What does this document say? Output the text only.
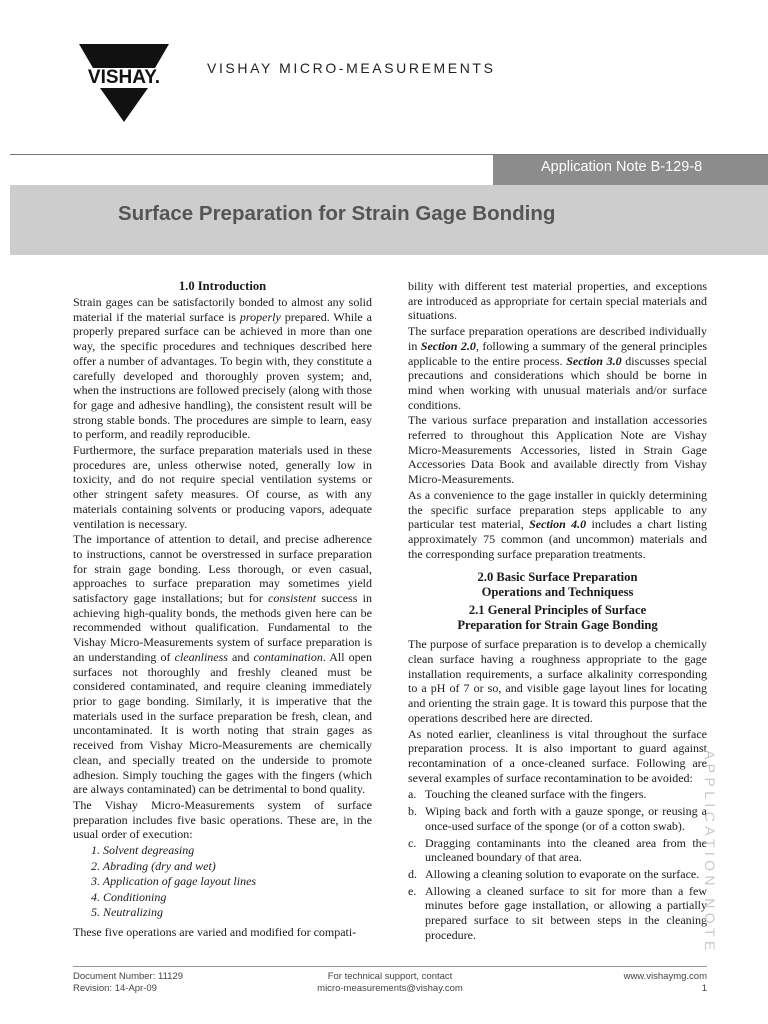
VISHAY.	VISHAY MICRO-MEASUREMENTS
Application Note B-129-8
Surface Preparation for Strain Gage Bonding
1.0 Introduction

Strain gages can be satisfactorily bonded to almost any solid material if the material surface is properly prepared. While a properly prepared surface can be achieved in more than one way, the specific procedures and techniques described here offer a number of advantages. To begin with, they constitute a carefully developed and thoroughly proven system; and, when the instructions are followed precisely (along with those for gage and adhesive handling), the consistent result will be strong stable bonds. The procedures are simple to learn, easy to perform, and readily reproducible.

Furthermore, the surface preparation materials used in these procedures are, unless otherwise noted, generally low in toxicity, and do not require special ventilation systems or other stringent safety measures. Of course, as with any materials containing solvents or producing vapors, adequate ventilation is necessary.

The importance of attention to detail, and precise adherence to instructions, cannot be overstressed in surface preparation for strain gage bonding. Less thorough, or even casual, approaches to surface preparation may sometimes yield satisfactory gage installations; but for consistent success in achieving high-quality bonds, the methods given here can be recommended without qualification. Fundamental to the Vishay Micro-Measurements system of surface preparation is an understanding of cleanliness and contamination. All open surfaces not thoroughly and freshly cleaned must be considered contaminated, and require cleaning immediately prior to gage bonding. Similarly, it is imperative that the materials used in the surface preparation be fresh, clean, and uncontaminated. It is worth noting that strain gages as received from Vishay Micro-Measurements are chemically clean, and specially treated on the underside to promote adhesion. Simply touching the gages with the fingers (which are always contaminated) can be detrimental to bond quality.

The Vishay Micro-Measurements system of surface preparation includes five basic operations. These are, in the usual order of execution:

1. Solvent degreasing
2. Abrading (dry and wet)
3. Application of gage layout lines
4. Conditioning
5. Neutralizing

These five operations are varied and modified for compati-

bility with different test material properties, and exceptions are introduced as appropriate for certain special materials and situations.

The surface preparation operations are described individually in Section 2.0, following a summary of the general principles applicable to the entire process. Section 3.0 discusses special precautions and considerations which should be borne in mind when working with unusual materials and/or surface conditions.

The various surface preparation and installation accessories referred to throughout this Application Note are Vishay Micro-Measurements Accessories, listed in Strain Gage Accessories Data Book and available directly from Vishay Micro-Measurements.

As a convenience to the gage installer in quickly determining the specific surface preparation steps applicable to any particular test material, Section 4.0 includes a chart listing approximately 75 common (and uncommon) materials and the corresponding surface preparation treatments.

2.0 Basic Surface Preparation
Operations and Techniquess
2.1 General Principles of Surface
Preparation for Strain Gage Bonding

The purpose of surface preparation is to develop a chemically clean surface having a roughness appropriate to the gage installation requirements, a surface alkalinity corresponding to a pH of 7 or so, and visible gage layout lines for locating and orienting the strain gage. It is toward this purpose that the operations described here are directed.

As noted earlier, cleanliness is vital throughout the surface preparation process. It is also important to guard against recontamination of a once-cleaned surface. Following are several examples of surface recontamination to be avoided:

a. Touching the cleaned surface with the fingers.
b. Wiping back and forth with a gauze sponge, or reusing a once-used surface of the sponge (or of a cotton swab).
c. Dragging contaminants into the cleaned area from the uncleaned boundary of that area.
d. Allowing a cleaning solution to evaporate on the surface.
e. Allowing a cleaned surface to sit for more than a few minutes before gage installation, or allowing a partially prepared surface to sit between steps in the cleaning procedure.	APPLICATION NOTE
Document Number: 11129
Revision: 14-Apr-09
For technical support, contact
micro-measurements@vishay.com
www.vishaymg.com
1
